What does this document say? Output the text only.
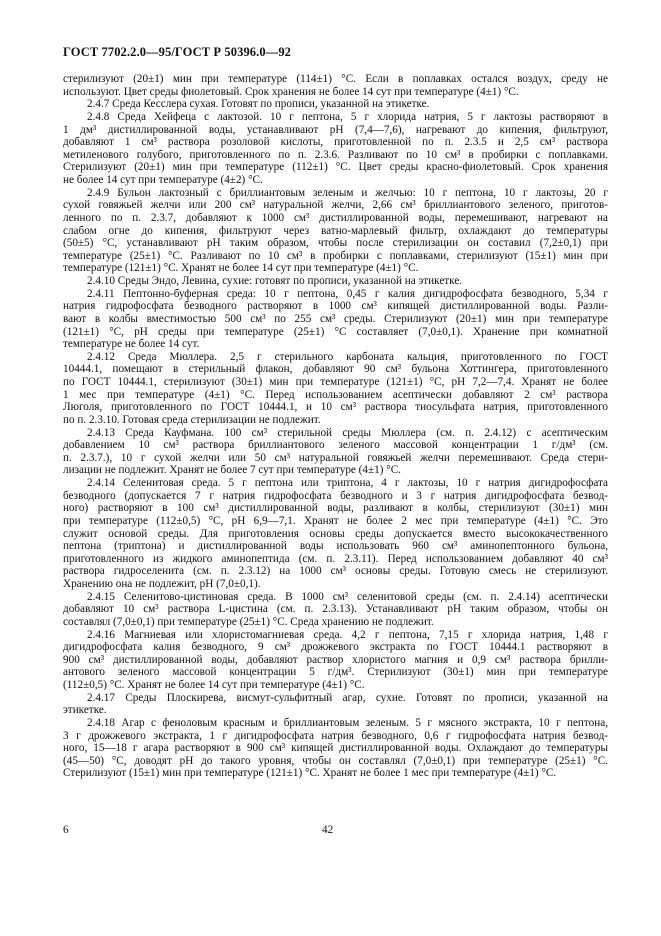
ГОСТ 7702.2.0—95/ГОСТ Р 50396.0—92
стерилизуют (20±1) мин при температуре (114±1) °С. Если в поплавках остался воздух, среду не
используют. Цвет среды фиолетовый. Срок хранения не более 14 сут при температуре (4±1) °С.
2.4.7 Среда Кесслера сухая. Готовят по прописи, указанной на этикетке.
2.4.8 Среда Хейфеца с лактозой. 10 г пептона, 5 г хлорида натрия, 5 г лактозы растворяют в
1 дм³ дистиллированной воды, устанавливают pH (7,4—7,6), нагревают до кипения, фильтруют,
добавляют 1 см³ раствора розоловой кислоты, приготовленной по п. 2.3.5 и 2,5 см³ раствора
метиленового голубого, приготовленного по п. 2.3.6. Разливают по 10 см³ в пробирки с поплавками.
Стерилизуют (20±1) мин при температуре (112±1) °С. Цвет среды красно-фиолетовый. Срок хранения
не более 14 сут при температуре (4±2) °С.
2.4.9 Бульон лактозный с бриллиантовым зеленым и желчью: 10 г пептона, 10 г лактозы, 20 г
сухой говяжьей желчи или 200 см³ натуральной желчи, 2,66 см³ бриллиантового зеленого, приготов-
ленного по п. 2.3.7, добавляют к 1000 см³ дистиллированной воды, перемешивают, нагревают на
слабом огне до кипения, фильтруют через ватно-марлевый фильтр, охлаждают до температуры
(50±5) °С, устанавливают pH таким образом, чтобы после стерилизации он составил (7,2±0,1) при
температуре (25±1) °С. Разливают по 10 см³ в пробирки с поплавками, стерилизуют (15±1) мин при
температуре (121±1) °С. Хранят не более 14 сут при температуре (4±1) °С.
2.4.10 Среды Эндо, Левина, сухие: готовят по прописи, указанной на этикетке.
2.4.11 Пептонно-буферная среда: 10 г пептона, 0,45 г калия дигидрофосфата безводного, 5,34 г
натрия гидрофосфата безводного растворяют в 1000 см³ кипящей дистиллированной воды. Разли-
вают в колбы вместимостью 500 см³ по 255 см³ среды. Стерилизуют (20±1) мин при температуре
(121±1) °С, pH среды при температуре (25±1) °С составляет (7,0±0,1). Хранение при комнатной
температуре не более 14 сут.
2.4.12 Среда Мюллера. 2,5 г стерильного карбоната кальция, приготовленного по ГОСТ
10444.1, помещают в стерильный флакон, добавляют 90 см³ бульона Хоттингера, приготовленного
по ГОСТ 10444.1, стерилизуют (30±1) мин при температуре (121±1) °С, pH 7,2—7,4. Хранят не более
1 мес при температуре (4±1) °С. Перед использованием асептически добавляют 2 см³ раствора
Люголя, приготовленного по ГОСТ 10444.1, и 10 см³ раствора тиосульфата натрия, приготовленного
по п. 2.3.10. Готовая среда стерилизации не подлежит.
2.4.13 Среда Кауфмана. 100 см³ стерильной среды Мюллера (см. п. 2.4.12) с асептическим
добавлением 10 см³ раствора бриллиантового зеленого массовой концентрации 1 г/дм³ (см.
п. 2.3.7.), 10 г сухой желчи или 50 см³ натуральной говяжьей желчи перемешивают. Среда стери-
лизации не подлежит. Хранят не более 7 сут при температуре (4±1) °С.
2.4.14 Селенитовая среда. 5 г пептона или триптона, 4 г лактозы, 10 г натрия дигидрофосфата
безводного (допускается 7 г натрия гидрофосфата безводного и 3 г натрия дигидрофосфата безвод-
ного) растворяют в 100 см³ дистиллированной воды, разливают в колбы, стерилизуют (30±1) мин
при температуре (112±0,5) °С, pH 6,9—7,1. Хранят не более 2 мес при температуре (4±1) °С. Это
служит основой среды. Для приготовления основы среды допускается вместо высококачественного
пептона (триптона) и дистиллированной воды использовать 960 см³ аминопептонного бульона,
приготовленного из жидкого аминопептида (см. п. 2.3.11). Перед использованием добавляют 40 см³
раствора гидроселенита (см. п. 2.3.12) на 1000 см³ основы среды. Готовую смесь не стерилизуют.
Хранению она не подлежит, pH (7,0±0,1).
2.4.15 Селенитово-цистиновая среда. В 1000 см³ селенитовой среды (см. п. 2.4.14) асептически
добавляют 10 см³ раствора L-цистина (см. п. 2.3.13). Устанавливают pH таким образом, чтобы он
составлял (7,0±0,1) при температуре (25±1) °С. Среда хранению не подлежит.
2.4.16 Магниевая или хлористомагниевая среда. 4,2 г пептона, 7,15 г хлорида натрия, 1,48 г
дигидрофосфата калия безводного, 9 см³ дрожжевого экстракта по ГОСТ 10444.1 растворяют в
900 см³ дистиллированной воды, добавляют раствор хлористого магния и 0,9 см³ раствора брилли-
антового зеленого массовой концентрации 5 г/дм³. Стерилизуют (30±1) мин при температуре
(112±0,5) °С. Хранят не более 14 сут при температуре (4±1) °С.
2.4.17 Среды Плоскирева, висмут-сульфитный агар, сухие. Готовят по прописи, указанной на
этикетке.
2.4.18 Агар с феноловым красным и бриллиантовым зеленым. 5 г мясного экстракта, 10 г пептона,
3 г дрожжевого экстракта, 1 г дигидрофосфата натрия безводного, 0,6 г гидрофосфата натрия безвод-
ного, 15—18 г агара растворяют в 900 см³ кипящей дистиллированной воды. Охлаждают до температуры
(45—50) °С, доводят pH до такого уровня, чтобы он составлял (7,0±0,1) при температуре (25±1) °С.
Стерилизуют (15±1) мин при температуре (121±1) °С. Хранят не более 1 мес при температуре (4±1) °С.
6	42
